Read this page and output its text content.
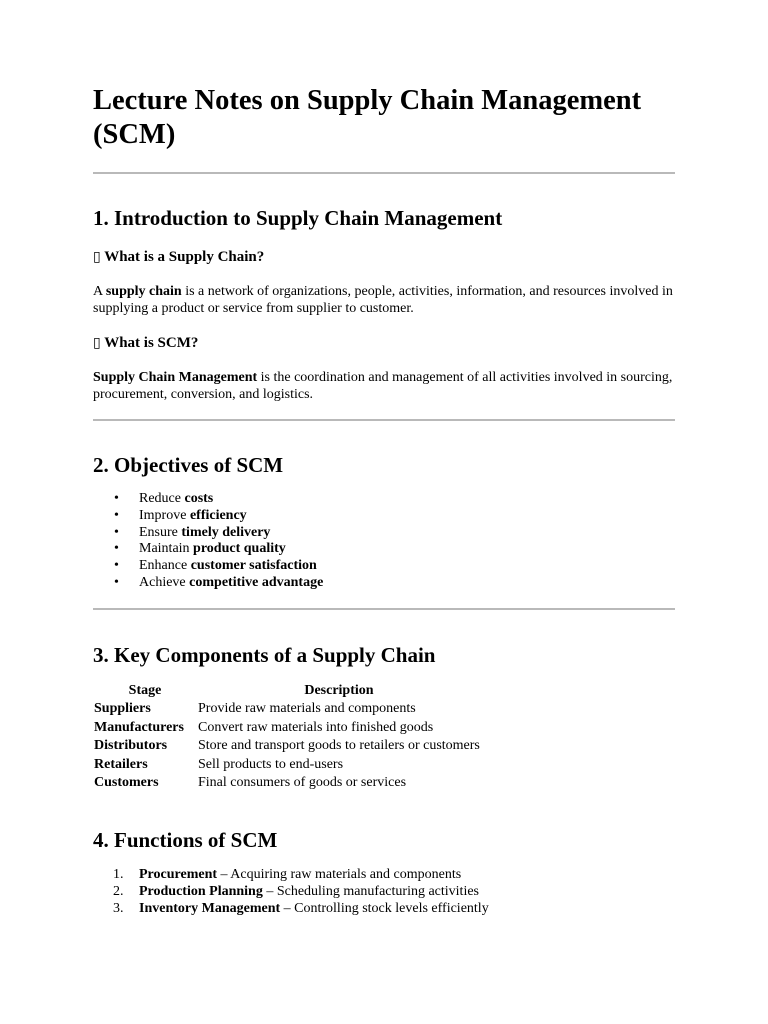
Lecture Notes on Supply Chain Management (SCM)
1. Introduction to Supply Chain Management
▯ What is a Supply Chain?

A supply chain is a network of organizations, people, activities, information, and resources involved in supplying a product or service from supplier to customer.

▯ What is SCM?

Supply Chain Management is the coordination and management of all activities involved in sourcing, procurement, conversion, and logistics.

2. Objectives of SCM
• Reduce costs
• Improve efficiency
• Ensure timely delivery
• Maintain product quality
• Enhance customer satisfaction
• Achieve competitive advantage
3. Key Components of a Supply Chain
Stage	Description
Suppliers	Provide raw materials and components
Manufacturers	Convert raw materials into finished goods
Distributors	Store and transport goods to retailers or customers
Retailers	Sell products to end-users
Customers	Final consumers of goods or services
4. Functions of SCM
1. Procurement – Acquiring raw materials and components
2. Production Planning – Scheduling manufacturing activities
3. Inventory Management – Controlling stock levels efficiently
